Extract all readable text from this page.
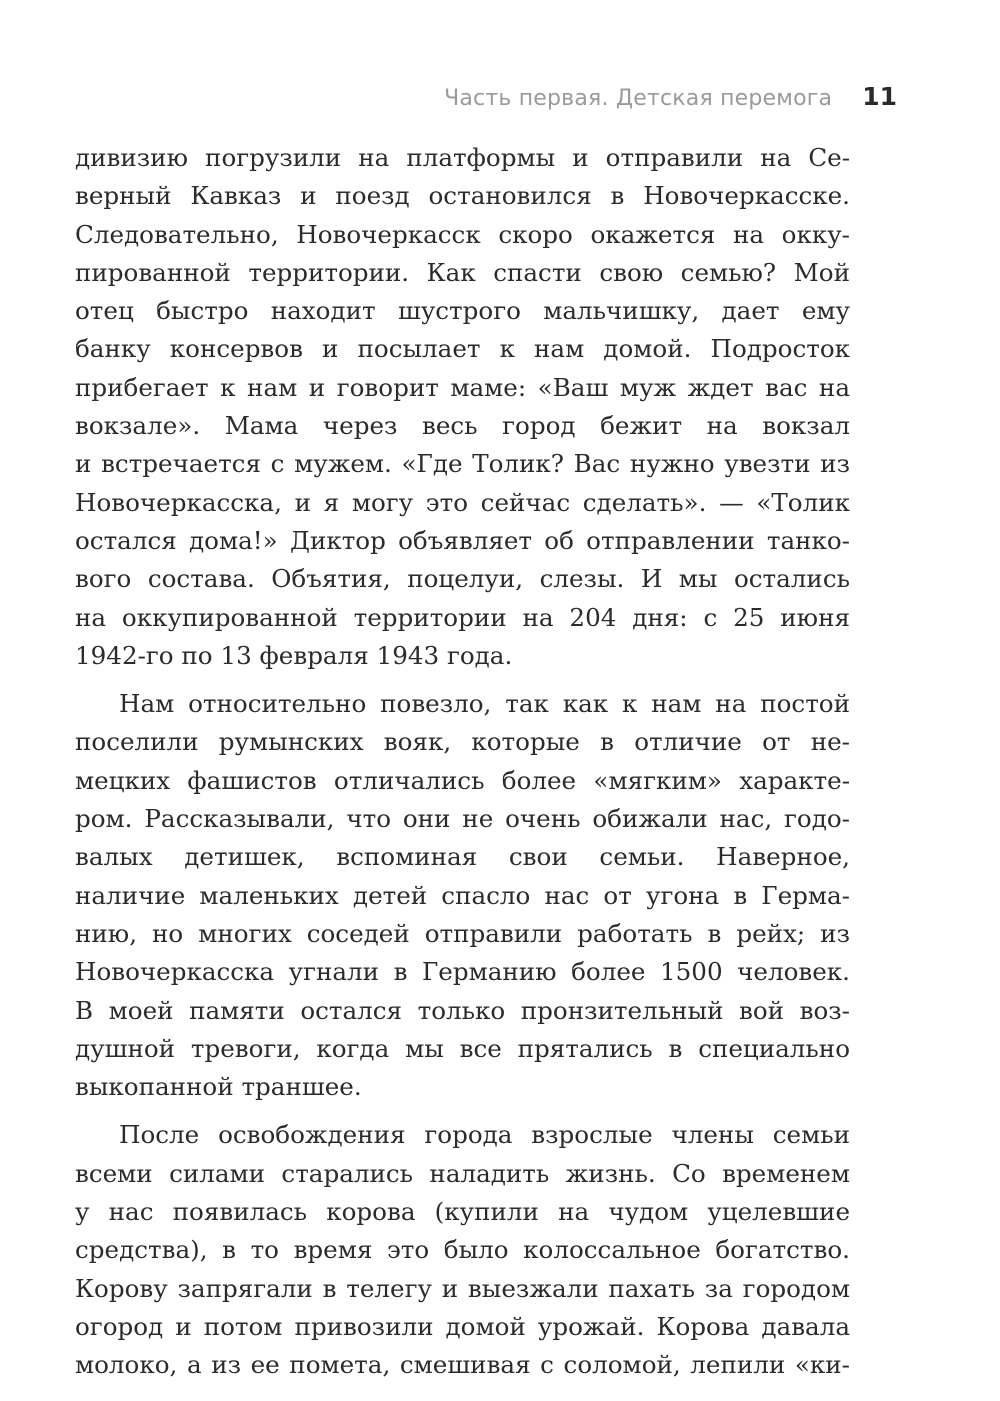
Часть первая. Детская перемога 11
дивизию погрузили на платформы и отправили на Се-
верный Кавказ и поезд остановился в Новочеркасске.
Следовательно, Новочеркасск скоро окажется на окку-
пированной территории. Как спасти свою семью? Мой
отец быстро находит шустрого мальчишку, дает ему
банку консервов и посылает к нам домой. Подросток
прибегает к нам и говорит маме: «Ваш муж ждет вас на
вокзале». Мама через весь город бежит на вокзал
и встречается с мужем. «Где Толик? Вас нужно увезти из
Новочеркасска, и я могу это сейчас сделать». — «Толик
остался дома!» Диктор объявляет об отправлении танко-
вого состава. Объятия, поцелуи, слезы. И мы остались
на оккупированной территории на 204 дня: с 25 июня
1942-го по 13 февраля 1943 года.
Нам относительно повезло, так как к нам на постой
поселили румынских вояк, которые в отличие от не-
мецких фашистов отличались более «мягким» характе-
ром. Рассказывали, что они не очень обижали нас, годо-
валых детишек, вспоминая свои семьи. Наверное,
наличие маленьких детей спасло нас от угона в Герма-
нию, но многих соседей отправили работать в рейх; из
Новочеркасска угнали в Германию более 1500 человек.
В моей памяти остался только пронзительный вой воз-
душной тревоги, когда мы все прятались в специально
выкопанной траншее.
После освобождения города взрослые члены семьи
всеми силами старались наладить жизнь. Со временем
у нас появилась корова (купили на чудом уцелевшие
средства), в то время это было колоссальное богатство.
Корову запрягали в телегу и выезжали пахать за городом
огород и потом привозили домой урожай. Корова давала
молоко, а из ее помета, смешивая с соломой, лепили «ки-
